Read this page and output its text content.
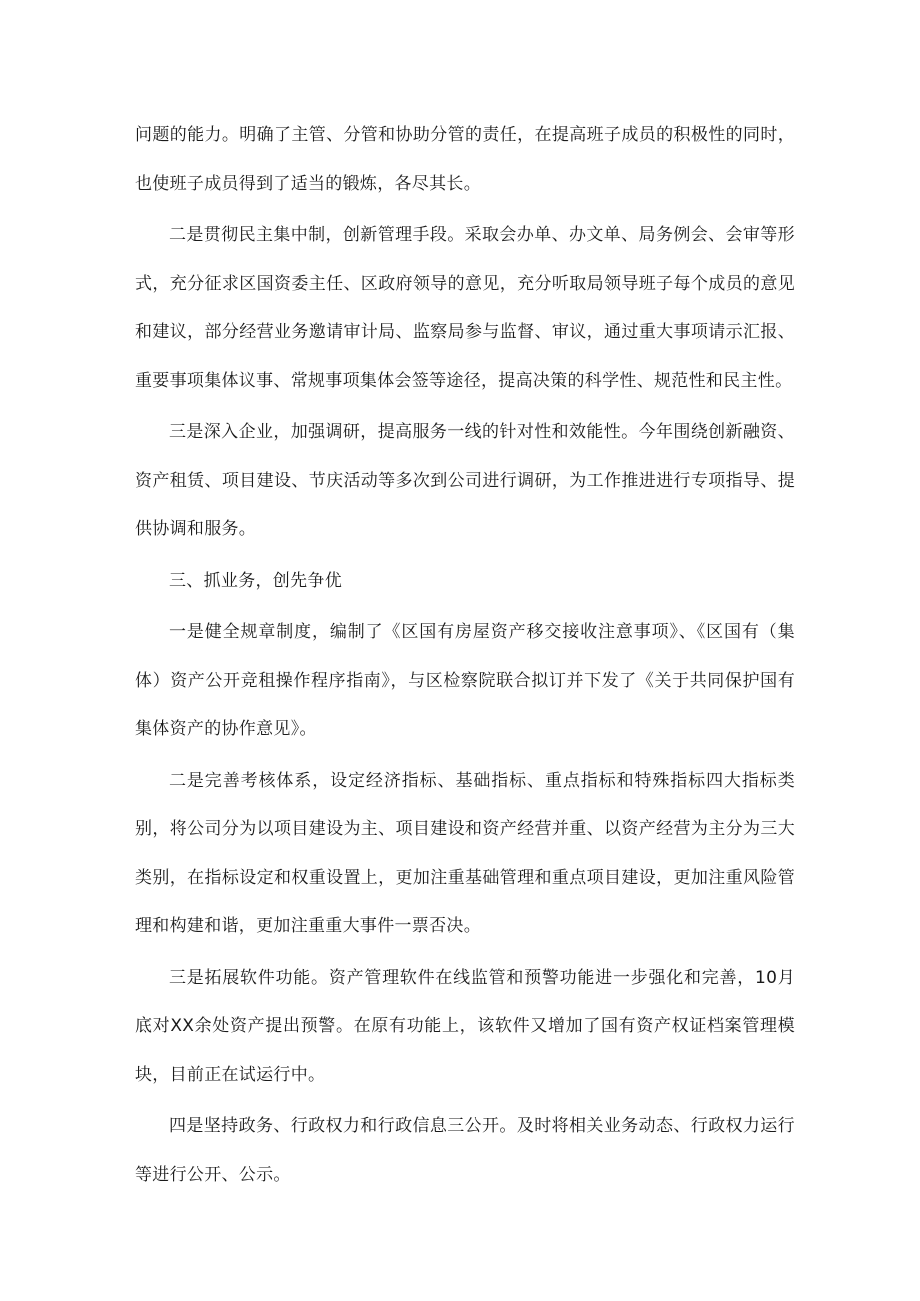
问题的能力。明确了主管、分管和协助分管的责任，在提高班子成员的积极性的同时，也使班子成员得到了适当的锻炼，各尽其长。

二是贯彻民主集中制，创新管理手段。采取会办单、办文单、局务例会、会审等形式，充分征求区国资委主任、区政府领导的意见，充分听取局领导班子每个成员的意见和建议，部分经营业务邀请审计局、监察局参与监督、审议，通过重大事项请示汇报、重要事项集体议事、常规事项集体会签等途径，提高决策的科学性、规范性和民主性。

三是深入企业，加强调研，提高服务一线的针对性和效能性。今年围绕创新融资、资产租赁、项目建设、节庆活动等多次到公司进行调研，为工作推进进行专项指导、提供协调和服务。

三、抓业务，创先争优

一是健全规章制度，编制了《区国有房屋资产移交接收注意事项》、《区国有（集体）资产公开竞租操作程序指南》，与区检察院联合拟订并下发了《关于共同保护国有集体资产的协作意见》。

二是完善考核体系，设定经济指标、基础指标、重点指标和特殊指标四大指标类别，将公司分为以项目建设为主、项目建设和资产经营并重、以资产经营为主分为三大类别，在指标设定和权重设置上，更加注重基础管理和重点项目建设，更加注重风险管理和构建和谐，更加注重重大事件一票否决。

三是拓展软件功能。资产管理软件在线监管和预警功能进一步强化和完善，10月底对XX余处资产提出预警。在原有功能上，该软件又增加了国有资产权证档案管理模块，目前正在试运行中。

四是坚持政务、行政权力和行政信息三公开。及时将相关业务动态、行政权力运行等进行公开、公示。
